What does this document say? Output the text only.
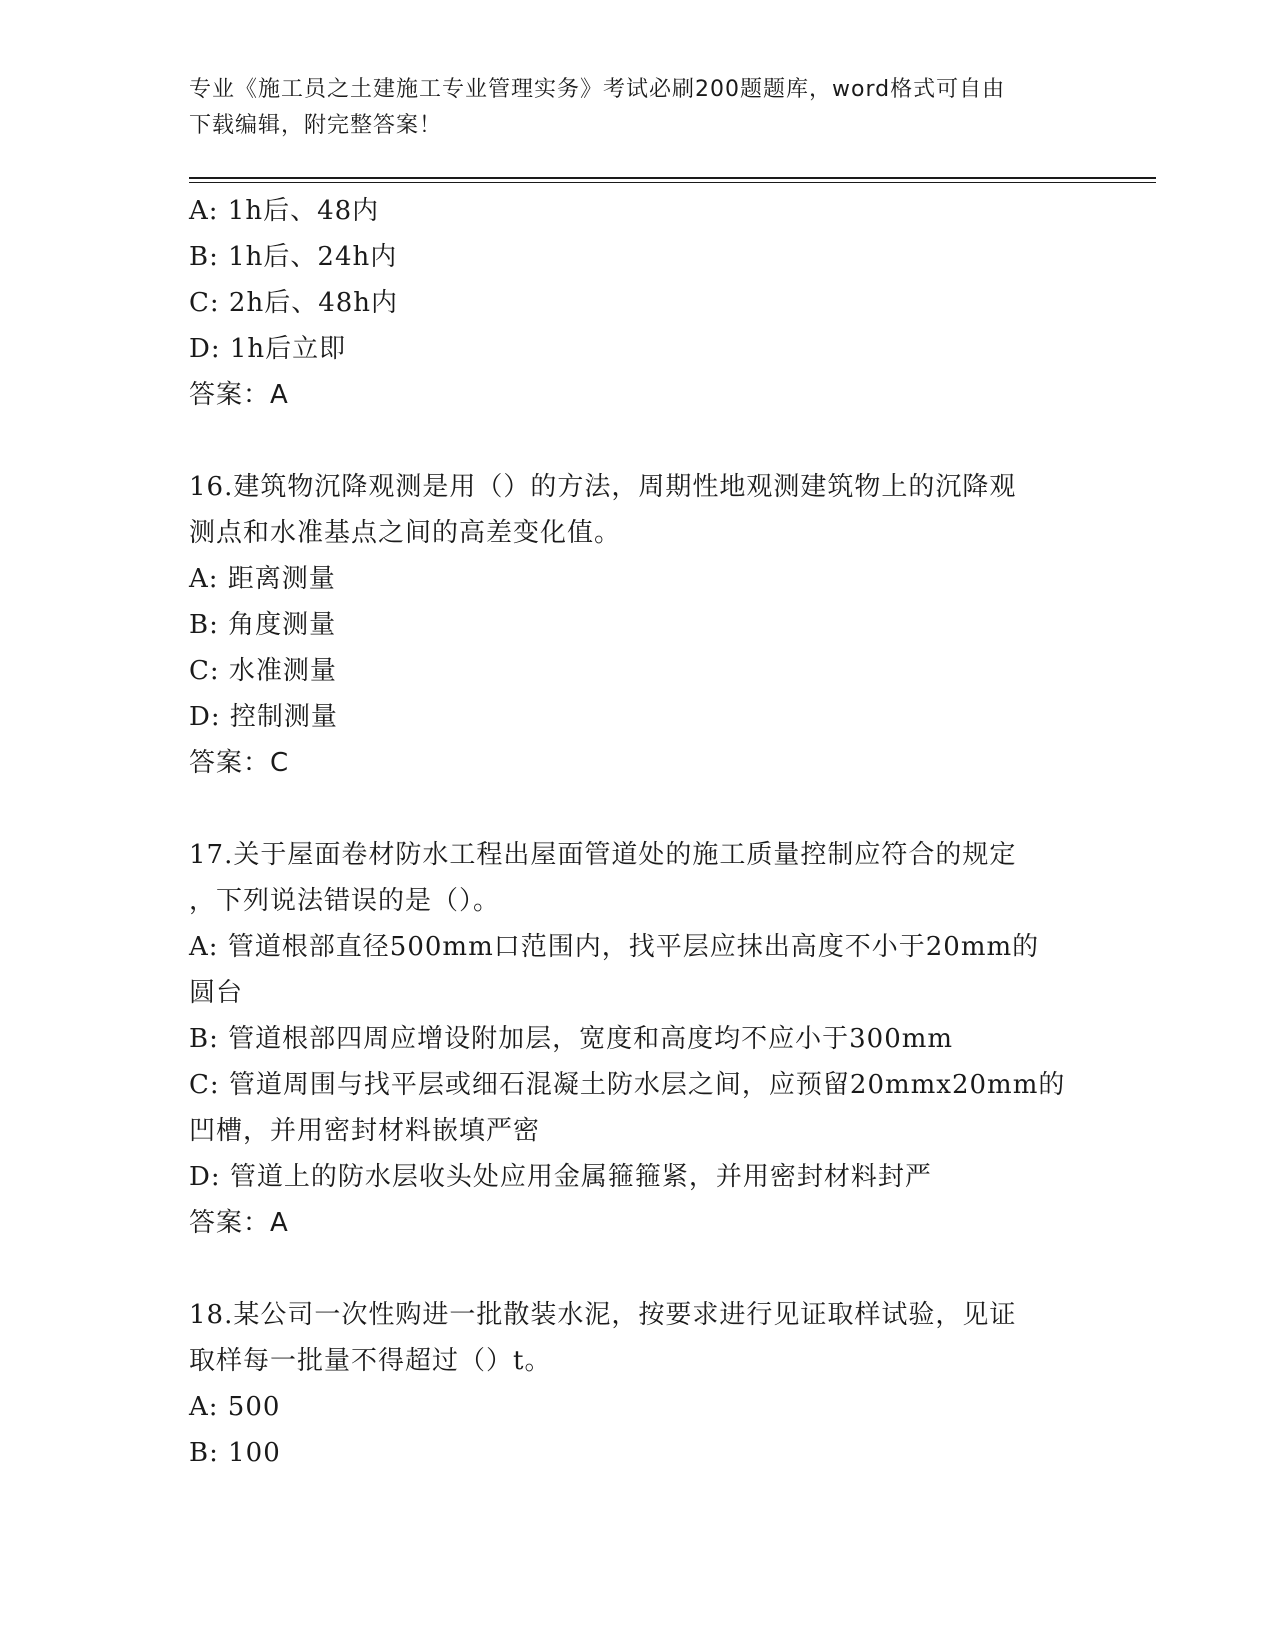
专业《施工员之土建施工专业管理实务》考试必刷200题题库，word格式可自由
下载编辑，附完整答案！
A: 1h后、48内
B: 1h后、24h内
C: 2h后、48h内
D: 1h后立即
答案：A
16.建筑物沉降观测是用（）的方法，周期性地观测建筑物上的沉降观
测点和水准基点之间的高差变化值。
A: 距离测量
B: 角度测量
C: 水准测量
D: 控制测量
答案：C
17.关于屋面卷材防水工程出屋面管道处的施工质量控制应符合的规定
，下列说法错误的是（）。
A: 管道根部直径500mm口范围内，找平层应抹出高度不小于20mm的
圆台
B: 管道根部四周应增设附加层，宽度和高度均不应小于300mm
C: 管道周围与找平层或细石混凝土防水层之间，应预留20mmx20mm的
凹槽，并用密封材料嵌填严密
D: 管道上的防水层收头处应用金属箍箍紧，并用密封材料封严
答案：A
18.某公司一次性购进一批散装水泥，按要求进行见证取样试验，见证
取样每一批量不得超过（）t。
A: 500
B: 100
